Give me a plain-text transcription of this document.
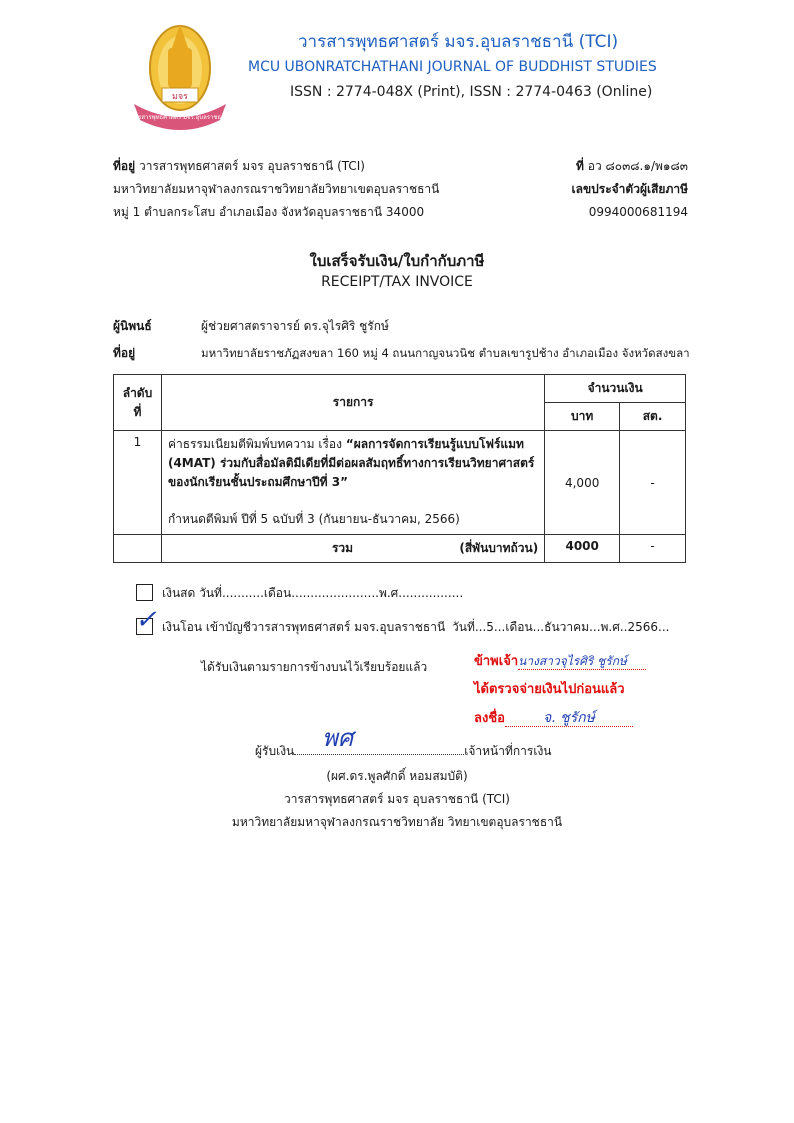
มจร
วารสารพุทธศาสตร์ มจร.อุบลราชธานี
วารสารพุทธศาสตร์ มจร.อุบลราชธานี (TCI)
MCU UBONRATCHATHANI JOURNAL OF BUDDHIST STUDIES
ISSN : 2774-048X (Print), ISSN : 2774-0463 (Online)
ที่อยู่ วารสารพุทธศาสตร์ มจร อุบลราชธานี (TCI)
มหาวิทยาลัยมหาจุฬาลงกรณราชวิทยาลัยวิทยาเขตอุบลราชธานี
หมู่ 1 ตำบลกระโสบ อำเภอเมือง จังหวัดอุบลราชธานี 34000
ที่ อว ๘๐๓๘.๑/พ๑๘๓
เลขประจำตัวผู้เสียภาษี
0994000681194
ใบเสร็จรับเงิน/ใบกำกับภาษี
RECEIPT/TAX INVOICE
ผู้นิพนธ์	ผู้ช่วยศาสตราจารย์ ดร.จุไรศิริ ชูรักษ์
ที่อยู่	มหาวิทยาลัยราชภัฏสงขลา 160 หมู่ 4 ถนนกาญจนวนิช ตำบลเขารูปช้าง อำเภอเมือง จังหวัดสงขลา
ลำดับที่	รายการ	จำนวนเงิน	
		บาท	สต.
1	ค่าธรรมเนียมตีพิมพ์บทความ เรื่อง “ผลการจัดการเรียนรู้แบบโฟร์แมท (4MAT) ร่วมกับสื่อมัลติมีเดียที่มีต่อผลสัมฤทธิ์ทางการเรียนวิทยาศาสตร์ของนักเรียนชั้นประถมศึกษาปีที่ 3”
กำหนดตีพิมพ์ ปีที่ 5 ฉบับที่ 3 (กันยายน-ธันวาคม, 2566)	4,000	-
	รวม (สี่พันบาทถ้วน)	4000	-
เงินสด วันที่...........เดือน.......................พ.ศ.................
✓ เงินโอน เข้าบัญชีวารสารพุทธศาสตร์ มจร.อุบลราชธานี วันที่...5...เดือน...ธันวาคม...พ.ศ..2566...
ได้รับเงินตามรายการข้างบนไว้เรียบร้อยแล้ว	ข้าพเจ้านางสาวจุไรศิริ ชูรักษ์
ได้ตรวจจ่ายเงินไปก่อนแล้ว
ลงชื่อ	จ. ชูรักษ์
พศ
ผู้รับเงิน	เจ้าหน้าที่การเงิน
(ผศ.ดร.พูลศักดิ์ หอมสมบัติ)
วารสารพุทธศาสตร์ มจร อุบลราชธานี (TCI)
มหาวิทยาลัยมหาจุฬาลงกรณราชวิทยาลัย วิทยาเขตอุบลราชธานี
